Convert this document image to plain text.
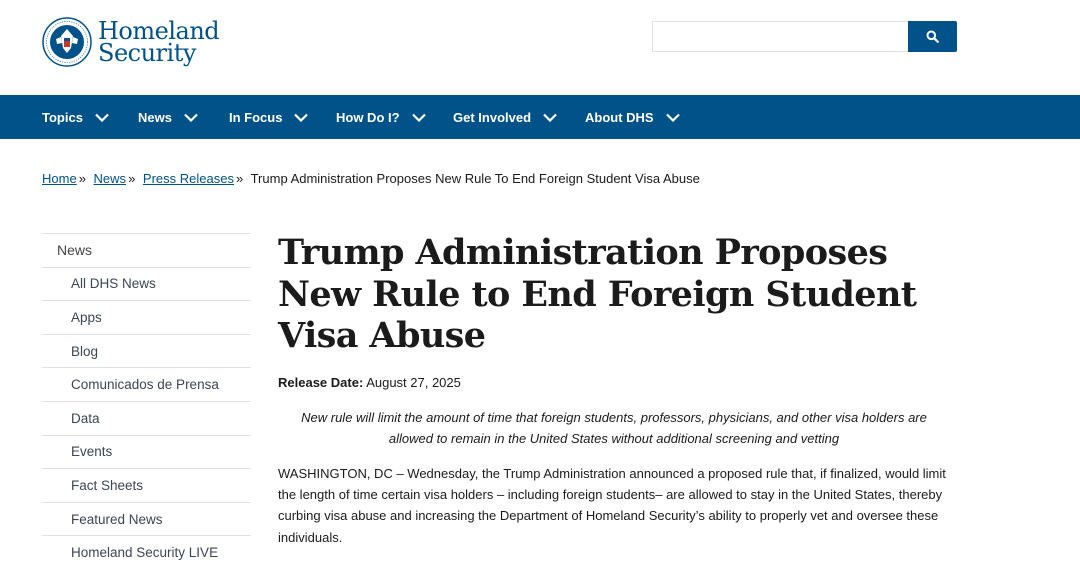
Homeland
Security
Topics	News	In Focus	How Do I?	Get Involved	About DHS
Home » News » Press Releases » Trump Administration Proposes New Rule To End Foreign Student Visa Abuse
News
All DHS News
Apps
Blog
Comunicados de Prensa
Data
Events
Fact Sheets
Featured News
Homeland Security LIVE
Trump Administration Proposes New Rule to End Foreign Student Visa Abuse
Release Date: August 27, 2025

New rule will limit the amount of time that foreign students, professors, physicians, and other visa holders are allowed to remain in the United States without additional screening and vetting

WASHINGTON, DC – Wednesday, the Trump Administration announced a proposed rule that, if finalized, would limit the length of time certain visa holders – including foreign students– are allowed to stay in the United States, thereby curbing visa abuse and increasing the Department of Homeland Security’s ability to properly vet and oversee these individuals.
